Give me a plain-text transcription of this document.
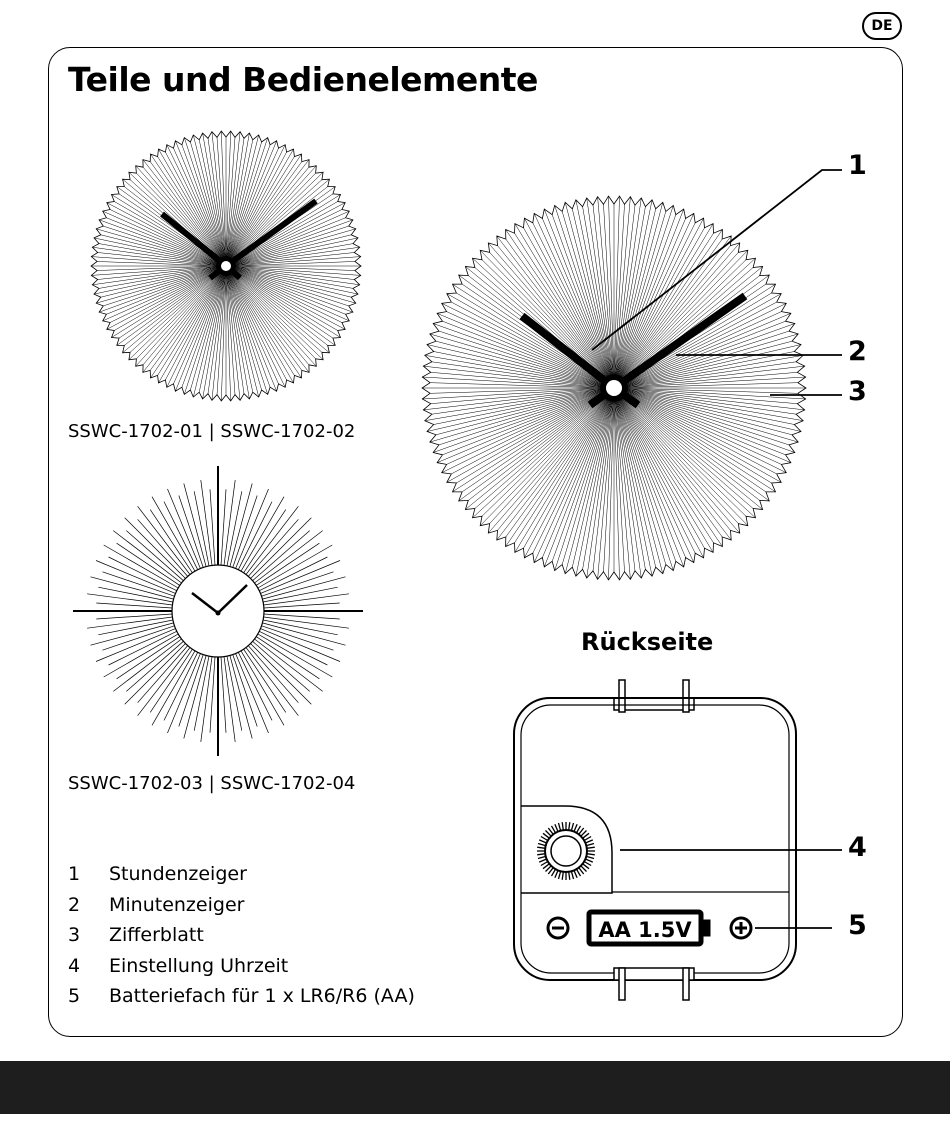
DE
Teile und Bedienelemente
AA 1.5V
SSWC-1702-01 | SSWC-1702-02
SSWC-1702-03 | SSWC-1702-04
Rückseite
1
2
3
4
5
1	Stundenzeiger
2	Minutenzeiger
3	Zifferblatt
4	Einstellung Uhrzeit
5	Batteriefach für 1 x LR6/R6 (AA)
